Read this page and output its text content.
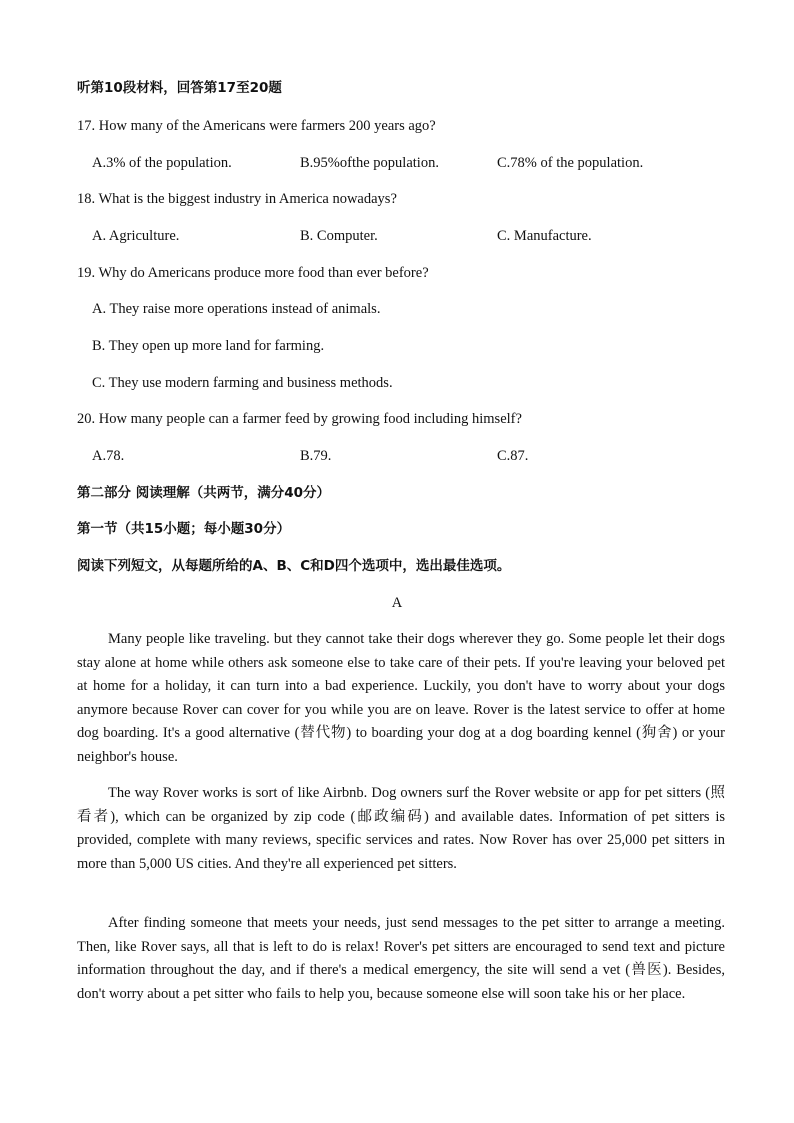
听第10段材料，回答第17至20题
17. How many of the Americans were farmers 200 years ago?
A.3% of the population.	B.95%ofthe population.	C.78% of the population.
18. What is the biggest industry in America nowadays?
A. Agriculture.	B. Computer.	C. Manufacture.
19. Why do Americans produce more food than ever before?
A. They raise more operations instead of animals.
B. They open up more land for farming.
C. They use modern farming and business methods.
20. How many people can a farmer feed by growing food including himself?
A.78.	B.79.	C.87.
第二部分 阅读理解（共两节，满分40分）
第一节（共15小题；每小题30分）
阅读下列短文，从每题所给的A、B、C和D四个选项中，选出最佳选项。
A
Many people like traveling. but they cannot take their dogs wherever they go. Some people let their dogs stay alone at home while others ask someone else to take care of their pets. If you're leaving your beloved pet at home for a holiday, it can turn into a bad experience. Luckily, you don't have to worry about your dogs anymore because Rover can cover for you while you are on leave. Rover is the latest service to offer at home dog boarding. It's a good alternative (替代物) to boarding your dog at a dog boarding kennel (狗舍) or your neighbor's house.
The way Rover works is sort of like Airbnb. Dog owners surf the Rover website or app for pet sitters (照看者), which can be organized by zip code (邮政编码) and available dates. Information of pet sitters is provided, complete with many reviews, specific services and rates. Now Rover has over 25,000 pet sitters in more than 5,000 US cities. And they're all experienced pet sitters.
After finding someone that meets your needs, just send messages to the pet sitter to arrange a meeting. Then, like Rover says, all that is left to do is relax! Rover's pet sitters are encouraged to send text and picture information throughout the day, and if there's a medical emergency, the site will send a vet (兽医). Besides, don't worry about a pet sitter who fails to help you, because someone else will soon take his or her place.
